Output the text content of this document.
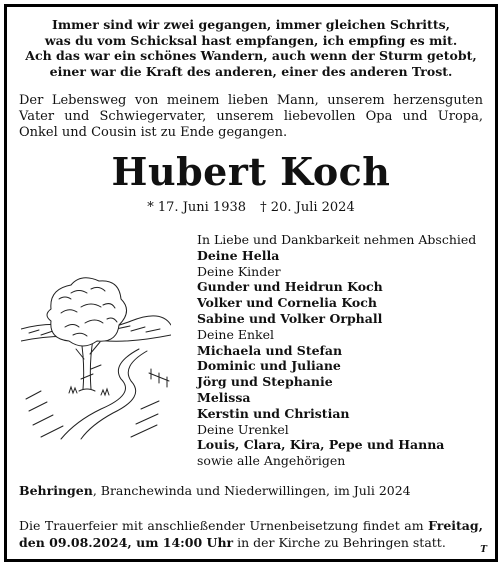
Immer sind wir zwei gegangen, immer gleichen Schritts,
was du vom Schicksal hast empfangen, ich empfing es mit.
Ach das war ein schönes Wandern, auch wenn der Sturm getobt,
einer war die Kraft des anderen, einer des anderen Trost.
Der Lebensweg von meinem lieben Mann, unserem herzensguten Vater und Schwiegervater, unserem liebevollen Opa und Uropa, Onkel und Cousin ist zu Ende gegangen.
Hubert Koch
* 17. Juni 1938 † 20. Juli 2024
In Liebe und Dankbarkeit nehmen Abschied
Deine Hella
Deine Kinder
Gunder und Heidrun Koch
Volker und Cornelia Koch
Sabine und Volker Orphall
Deine Enkel
Michaela und Stefan
Dominic und Juliane
Jörg und Stephanie
Melissa
Kerstin und Christian
Deine Urenkel
Louis, Clara, Kira, Pepe und Hanna
sowie alle Angehörigen
Behringen, Branchewinda und Niederwillingen, im Juli 2024
Die Trauerfeier mit anschließender Urnenbeisetzung findet am Freitag, den 09.08.2024, um 14:00 Uhr in der Kirche zu Behringen statt.	T
